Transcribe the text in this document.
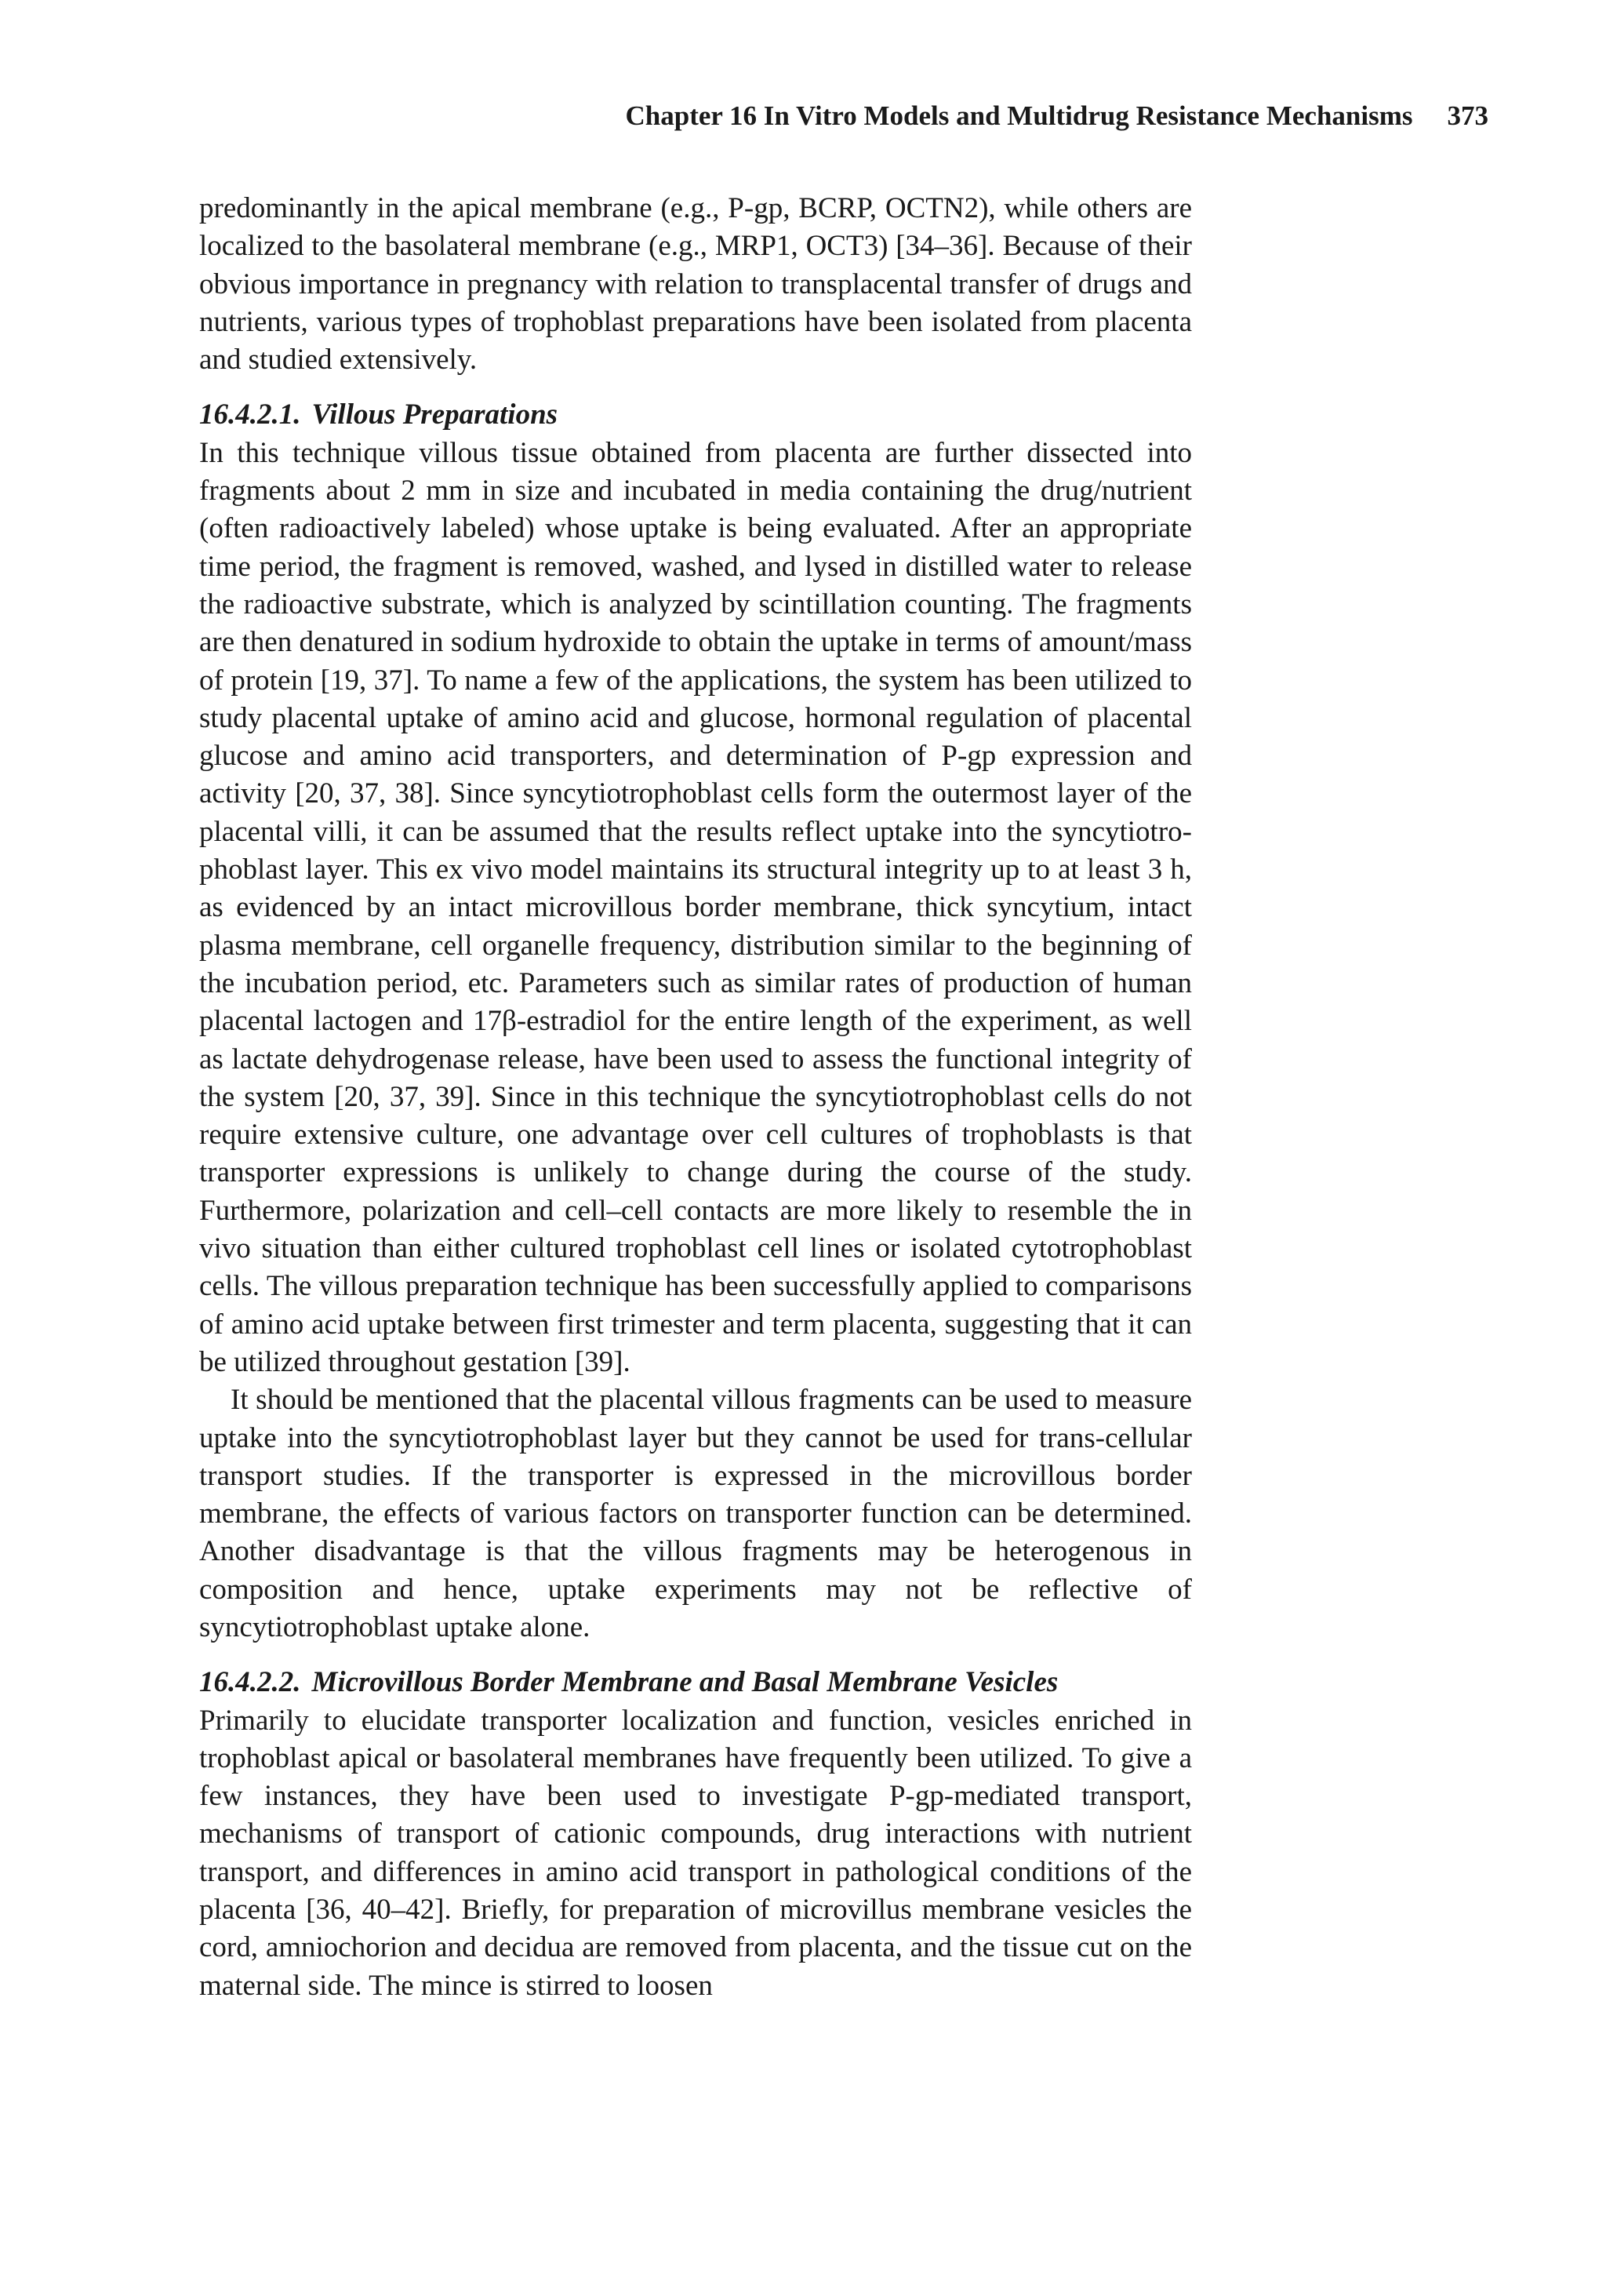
Chapter 16 In Vitro Models and Multidrug Resistance Mechanisms 373

predominantly in the apical membrane (e.g., P-gp, BCRP, OCTN2), while others are localized to the basolateral membrane (e.g., MRP1, OCT3) [34–36]. Because of their obvious importance in pregnancy with relation to transplacental transfer of drugs and nutrients, various types of trophoblast preparations have been isolated from placenta and studied extensively.

16.4.2.1. Villous Preparations

In this technique villous tissue obtained from placenta are further dissected into fragments about 2 mm in size and incubated in media containing the drug/nutrient (often radioactively labeled) whose uptake is being evaluated. After an appropriate time period, the fragment is removed, washed, and lysed in distilled water to release the radioactive substrate, which is analyzed by scintillation counting. The fragments are then denatured in sodium hydroxide to obtain the uptake in terms of amount/mass of protein [19, 37]. To name a few of the applications, the system has been utilized to study placental uptake of amino acid and glucose, hormonal regulation of placental glucose and amino acid transporters, and determination of P-gp expression and activity [20, 37, 38]. Since syncytiotrophoblast cells form the outermost layer of the placental villi, it can be assumed that the results reflect uptake into the syncytiotrophoblast layer. This ex vivo model maintains its structural integrity up to at least 3 h, as evidenced by an intact microvillous border membrane, thick syncytium, intact plasma membrane, cell organelle frequency, distribution similar to the beginning of the incubation period, etc. Parameters such as similar rates of production of human placental lactogen and 17β-estradiol for the entire length of the experiment, as well as lactate dehydrogenase release, have been used to assess the functional integrity of the system [20, 37, 39]. Since in this technique the syncytiotrophoblast cells do not require extensive culture, one advantage over cell cultures of trophoblasts is that transporter expressions is unlikely to change during the course of the study. Furthermore, polarization and cell–cell contacts are more likely to resemble the in vivo situation than either cultured trophoblast cell lines or isolated cytotrophoblast cells. The villous preparation technique has been successfully applied to comparisons of amino acid uptake between first trimester and term placenta, suggesting that it can be utilized throughout gestation [39].

It should be mentioned that the placental villous fragments can be used to measure uptake into the syncytiotrophoblast layer but they cannot be used for trans-cellular transport studies. If the transporter is expressed in the microvillous border membrane, the effects of various factors on transporter function can be determined. Another disadvantage is that the villous fragments may be heterogenous in composition and hence, uptake experiments may not be reflective of syncytiotrophoblast uptake alone.

16.4.2.2. Microvillous Border Membrane and Basal Membrane Vesicles

Primarily to elucidate transporter localization and function, vesicles enriched in trophoblast apical or basolateral membranes have frequently been utilized. To give a few instances, they have been used to investigate P-gp-mediated transport, mechanisms of transport of cationic compounds, drug interactions with nutrient transport, and differences in amino acid transport in pathological conditions of the placenta [36, 40–42]. Briefly, for preparation of microvillus membrane vesicles the cord, amniochorion and decidua are removed from placenta, and the tissue cut on the maternal side. The mince is stirred to loosen
